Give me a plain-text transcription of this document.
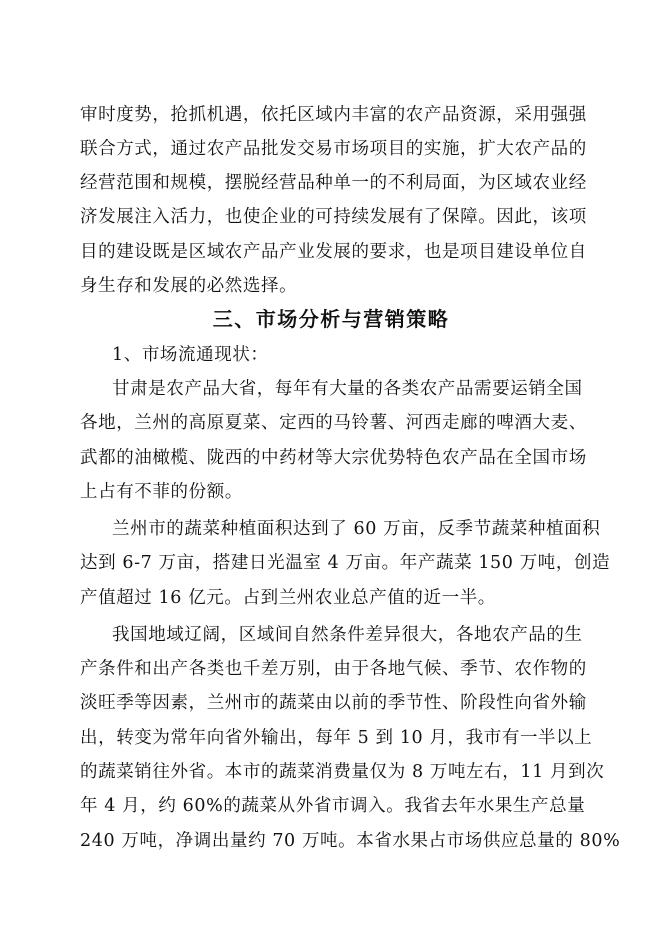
审时度势，抢抓机遇，依托区域内丰富的农产品资源，采用强强
联合方式，通过农产品批发交易市场项目的实施，扩大农产品的
经营范围和规模，摆脱经营品种单一的不利局面，为区域农业经
济发展注入活力，也使企业的可持续发展有了保障。因此，该项
目的建设既是区域农产品产业发展的要求，也是项目建设单位自
身生存和发展的必然选择。
三、市场分析与营销策略
1、市场流通现状：
甘肃是农产品大省，每年有大量的各类农产品需要运销全国
各地，兰州的高原夏菜、定西的马铃薯、河西走廊的啤酒大麦、
武都的油橄榄、陇西的中药材等大宗优势特色农产品在全国市场
上占有不菲的份额。
兰州市的蔬菜种植面积达到了 60 万亩，反季节蔬菜种植面积
达到 6-7 万亩，搭建日光温室 4 万亩。年产蔬菜 150 万吨，创造
产值超过 16 亿元。占到兰州农业总产值的近一半。
我国地域辽阔，区域间自然条件差异很大，各地农产品的生
产条件和出产各类也千差万别，由于各地气候、季节、农作物的
淡旺季等因素，兰州市的蔬菜由以前的季节性、阶段性向省外输
出，转变为常年向省外输出，每年 5 到 10 月，我市有一半以上
的蔬菜销往外省。本市的蔬菜消费量仅为 8 万吨左右，11 月到次
年 4 月，约 60%的蔬菜从外省市调入。我省去年水果生产总量
240 万吨，净调出量约 70 万吨。本省水果占市场供应总量的 80%
